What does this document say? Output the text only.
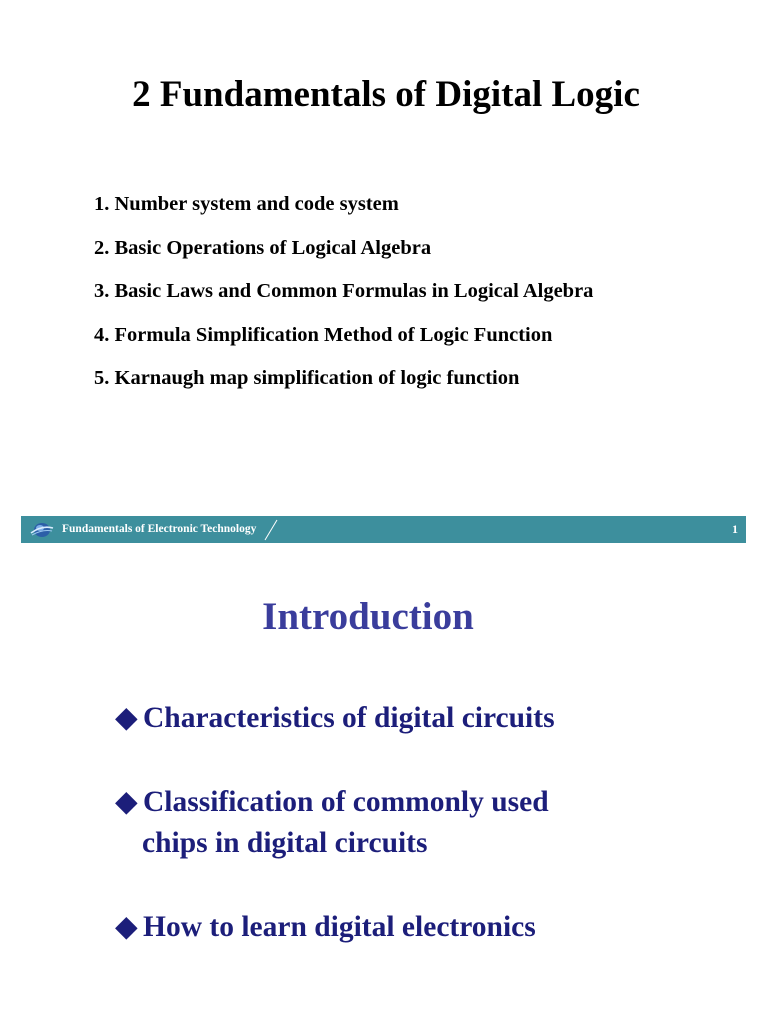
2 Fundamentals of Digital Logic
1. Number system and code system
2. Basic Operations of Logical Algebra
3. Basic Laws and Common Formulas in Logical Algebra
4. Formula Simplification Method of Logic Function
5. Karnaugh map simplification of logic function
Fundamentals of Electronic Technology	1
Introduction
◆ Characteristics of digital circuits
◆ Classification of commonly used
chips in digital circuits
◆ How to learn digital electronics
